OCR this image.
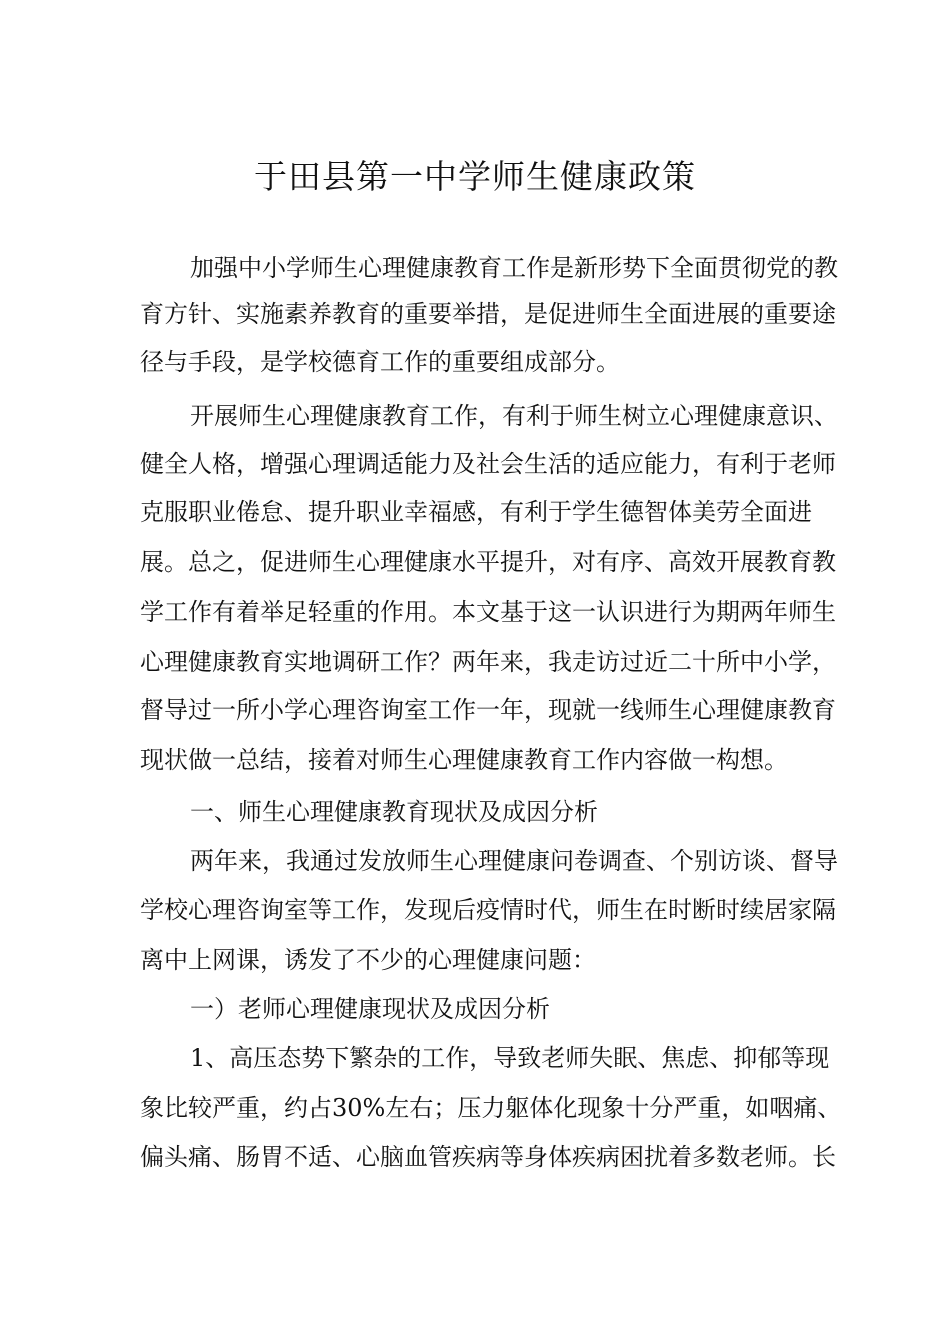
于田县第一中学师生健康政策
加强中小学师生心理健康教育工作是新形势下全面贯彻党的教
育方针、实施素养教育的重要举措，是促进师生全面进展的重要途
径与手段，是学校德育工作的重要组成部分。
开展师生心理健康教育工作，有利于师生树立心理健康意识、
健全人格，增强心理调适能力及社会生活的适应能力，有利于老师
克服职业倦怠、提升职业幸福感，有利于学生德智体美劳全面进
展。总之，促进师生心理健康水平提升，对有序、高效开展教育教
学工作有着举足轻重的作用。本文基于这一认识进行为期两年师生
心理健康教育实地调研工作？两年来，我走访过近二十所中小学，
督导过一所小学心理咨询室工作一年，现就一线师生心理健康教育
现状做一总结，接着对师生心理健康教育工作内容做一构想。
一、师生心理健康教育现状及成因分析
两年来，我通过发放师生心理健康问卷调查、个别访谈、督导
学校心理咨询室等工作，发现后疫情时代，师生在时断时续居家隔
离中上网课，诱发了不少的心理健康问题：
一）老师心理健康现状及成因分析
1、高压态势下繁杂的工作，导致老师失眠、焦虑、抑郁等现
象比较严重，约占30%左右；压力躯体化现象十分严重，如咽痛、
偏头痛、肠胃不适、心脑血管疾病等身体疾病困扰着多数老师。长
